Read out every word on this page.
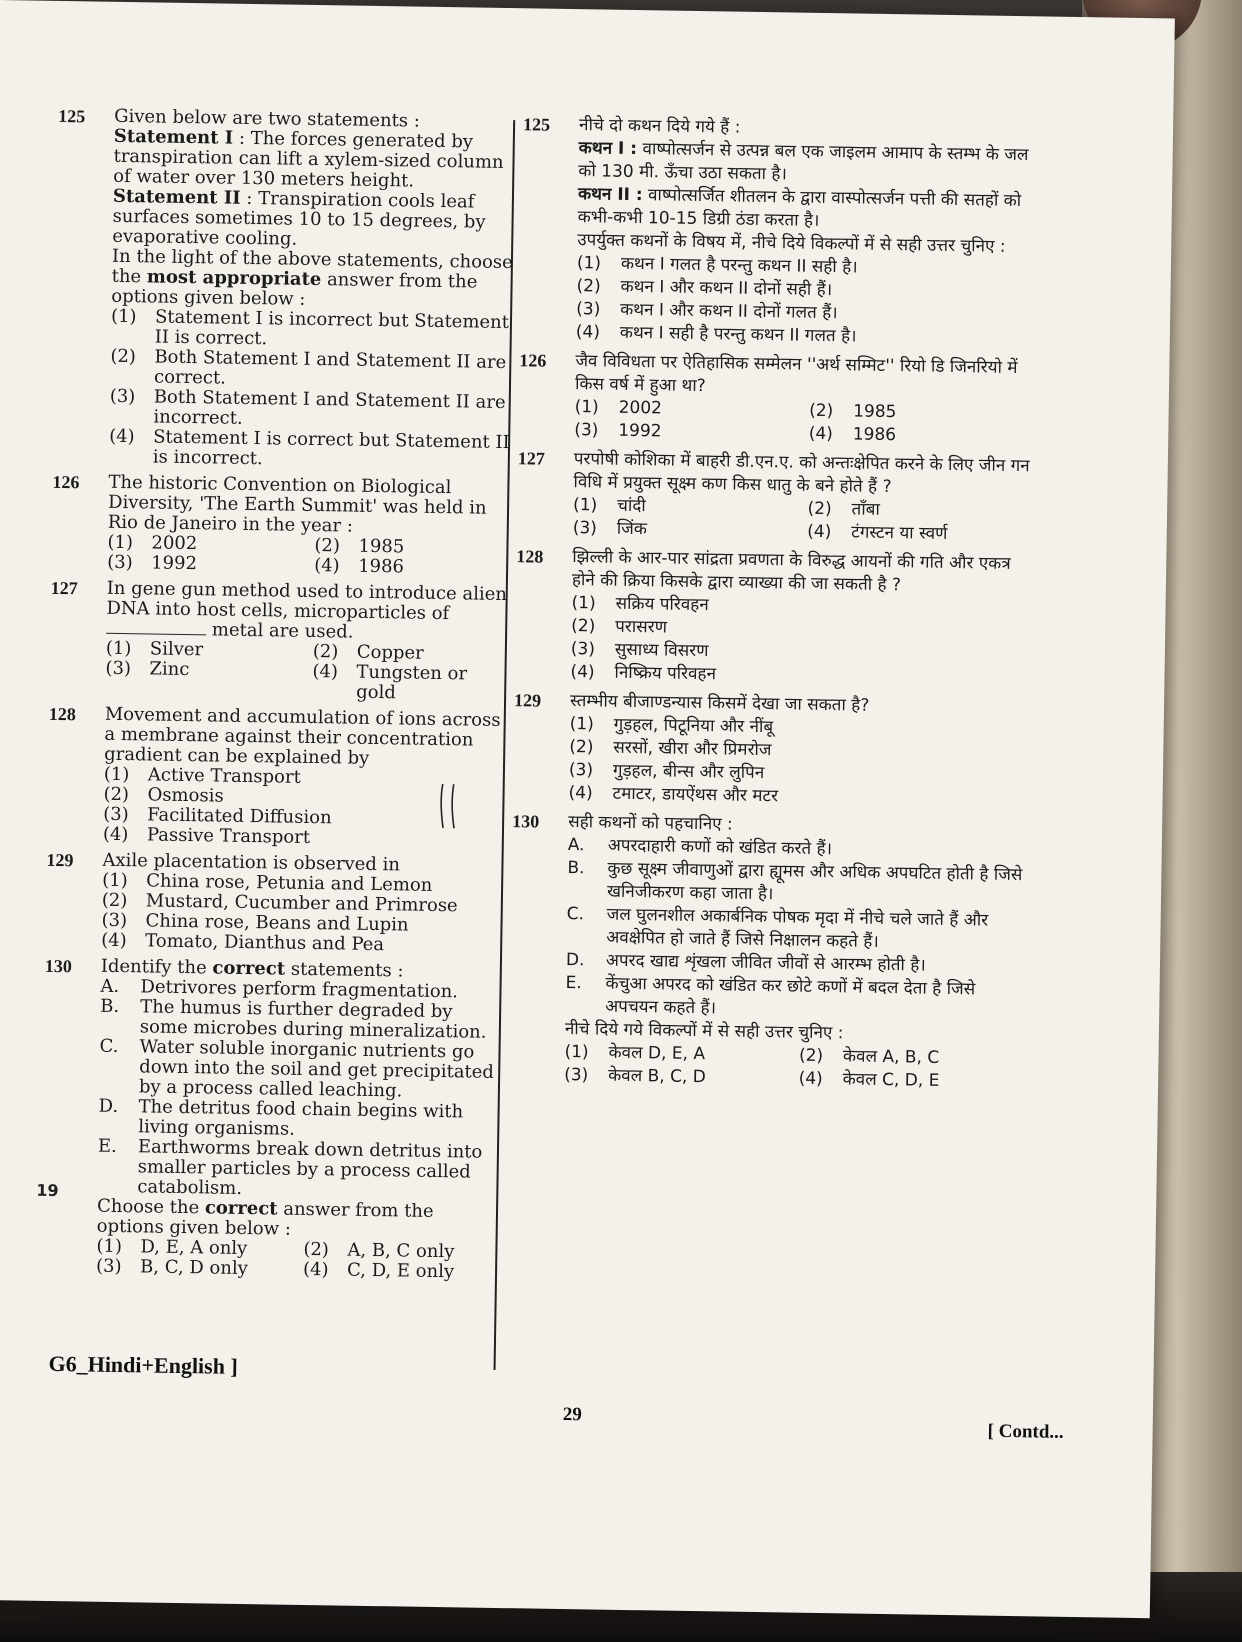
125 Given below are two statements :
Statement I : The forces generated by transpiration can lift a xylem-sized column of water over 130 meters height.
Statement II : Transpiration cools leaf surfaces sometimes 10 to 15 degrees, by evaporative cooling.
In the light of the above statements, choose the most appropriate answer from the options given below :
(1) Statement I is incorrect but Statement II is correct.
(2) Both Statement I and Statement II are correct.
(3) Both Statement I and Statement II are incorrect.
(4) Statement I is correct but Statement II is incorrect.
126 The historic Convention on Biological Diversity, 'The Earth Summit' was held in Rio de Janeiro in the year :
(1) 2002	(2) 1985
(3) 1992	(4) 1986
127 In gene gun method used to introduce alien DNA into host cells, microparticles of  metal are used.
(1) Silver	(2) Copper
(3) Zinc	(4) Tungsten or gold
128 Movement and accumulation of ions across a membrane against their concentration gradient can be explained by
(1) Active Transport
(2) Osmosis
(3) Facilitated Diffusion
(4) Passive Transport
129 Axile placentation is observed in
(1) China rose, Petunia and Lemon
(2) Mustard, Cucumber and Primrose
(3) China rose, Beans and Lupin
(4) Tomato, Dianthus and Pea
130 Identify the correct statements :
A. Detrivores perform fragmentation.
B. The humus is further degraded by some microbes during mineralization.
C. Water soluble inorganic nutrients go down into the soil and get precipitated by a process called leaching.
D. The detritus food chain begins with living organisms.
E. Earthworms break down detritus into smaller particles by a process called catabolism.
Choose the correct answer from the options given below :
(1) D, E, A only	(2) A, B, C only
(3) B, C, D only	(4) C, D, E only
125 नीचे दो कथन दिये गये हैं :
कथन I : वाष्पोत्सर्जन से उत्पन्न बल एक जाइलम आमाप के स्तम्भ के जल को 130 मी. ऊँचा उठा सकता है।
कथन II : वाष्पोत्सर्जित शीतलन के द्वारा वास्पोत्सर्जन पत्ती की सतहों को कभी-कभी 10-15 डिग्री ठंडा करता है।
उपर्युक्त कथनों के विषय में, नीचे दिये विकल्पों में से सही उत्तर चुनिए :
(1) कथन I गलत है परन्तु कथन II सही है।
(2) कथन I और कथन II दोनों सही हैं।
(3) कथन I और कथन II दोनों गलत हैं।
(4) कथन I सही है परन्तु कथन II गलत है।
126 जैव विविधता पर ऐतिहासिक सम्मेलन ''अर्थ सम्मिट'' रियो डि जिनरियो में किस वर्ष में हुआ था?
(1) 2002	(2) 1985
(3) 1992	(4) 1986
127 परपोषी कोशिका में बाहरी डी.एन.ए. को अन्तःक्षेपित करने के लिए जीन गन विधि में प्रयुक्त सूक्ष्म कण किस धातु के बने होते हैं ?
(1) चांदी	(2) ताँबा
(3) जिंक	(4) टंगस्टन या स्वर्ण
128 झिल्ली के आर-पार सांद्रता प्रवणता के विरुद्ध आयनों की गति और एकत्र होने की क्रिया किसके द्वारा व्याख्या की जा सकती है ?
(1) सक्रिय परिवहन
(2) परासरण
(3) सुसाध्य विसरण
(4) निष्क्रिय परिवहन
129 स्तम्भीय बीजाण्डन्यास किसमें देखा जा सकता है?
(1) गुड़हल, पिटूनिया और नींबू
(2) सरसों, खीरा और प्रिमरोज
(3) गुड़हल, बीन्स और लुपिन
(4) टमाटर, डायऐंथस और मटर
130 सही कथनों को पहचानिए :
A. अपरदाहारी कणों को खंडित करते हैं।
B. कुछ सूक्ष्म जीवाणुओं द्वारा ह्यूमस और अधिक अपघटित होती है जिसे खनिजीकरण कहा जाता है।
C. जल घुलनशील अकार्बनिक पोषक मृदा में नीचे चले जाते हैं और अवक्षेपित हो जाते हैं जिसे निक्षालन कहते हैं।
D. अपरद खाद्य शृंखला जीवित जीवों से आरम्भ होती है।
E. केंचुआ अपरद को खंडित कर छोटे कणों में बदल देता है जिसे अपचयन कहते हैं।
नीचे दिये गये विकल्पों में से सही उत्तर चुनिए :
(1) केवल D, E, A	(2) केवल A, B, C
(3) केवल B, C, D	(4) केवल C, D, E
19
G6_Hindi+English ]
29
[ Contd...
